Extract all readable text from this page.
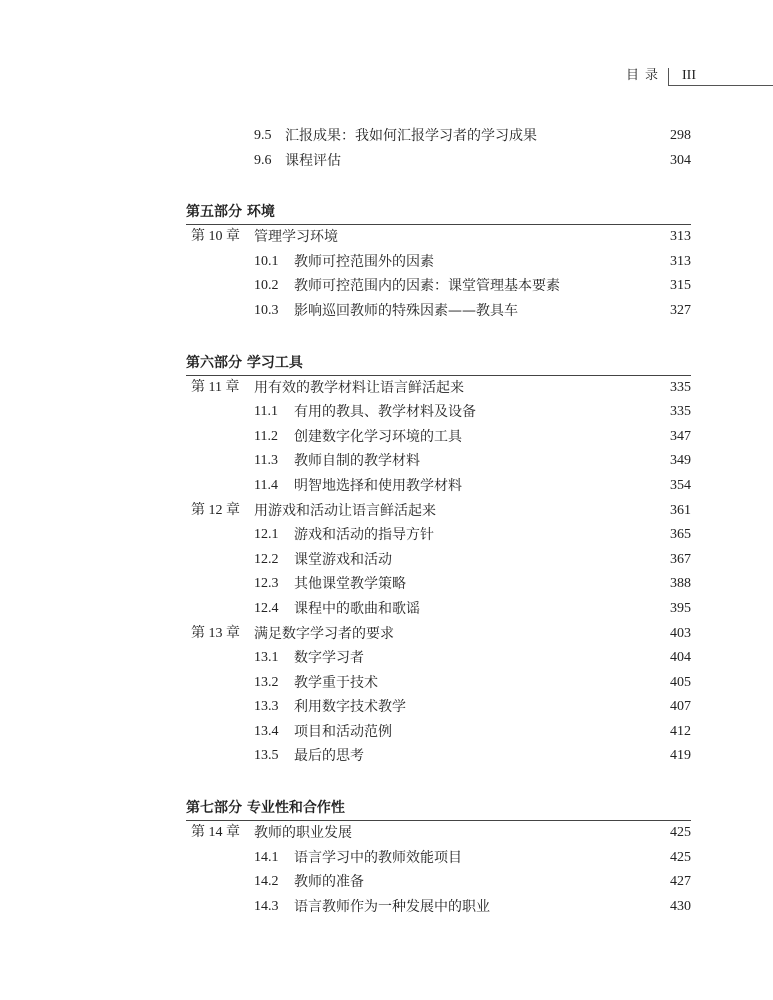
目录 III
9.5 汇报成果：我如何汇报学习者的学习成果	298
9.6 课程评估	304
第五部分 环境
第 10 章 管理学习环境	313
10.1 教师可控范围外的因素	313
10.2 教师可控范围内的因素：课堂管理基本要素	315
10.3 影响巡回教师的特殊因素——教具车	327
第六部分 学习工具
第 11 章 用有效的教学材料让语言鲜活起来	335
11.1 有用的教具、教学材料及设备	335
11.2 创建数字化学习环境的工具	347
11.3 教师自制的教学材料	349
11.4 明智地选择和使用教学材料	354
第 12 章 用游戏和活动让语言鲜活起来	361
12.1 游戏和活动的指导方针	365
12.2 课堂游戏和活动	367
12.3 其他课堂教学策略	388
12.4 课程中的歌曲和歌谣	395
第 13 章 满足数字学习者的要求	403
13.1 数字学习者	404
13.2 教学重于技术	405
13.3 利用数字技术教学	407
13.4 项目和活动范例	412
13.5 最后的思考	419
第七部分 专业性和合作性
第 14 章 教师的职业发展	425
14.1 语言学习中的教师效能项目	425
14.2 教师的准备	427
14.3 语言教师作为一种发展中的职业	430
